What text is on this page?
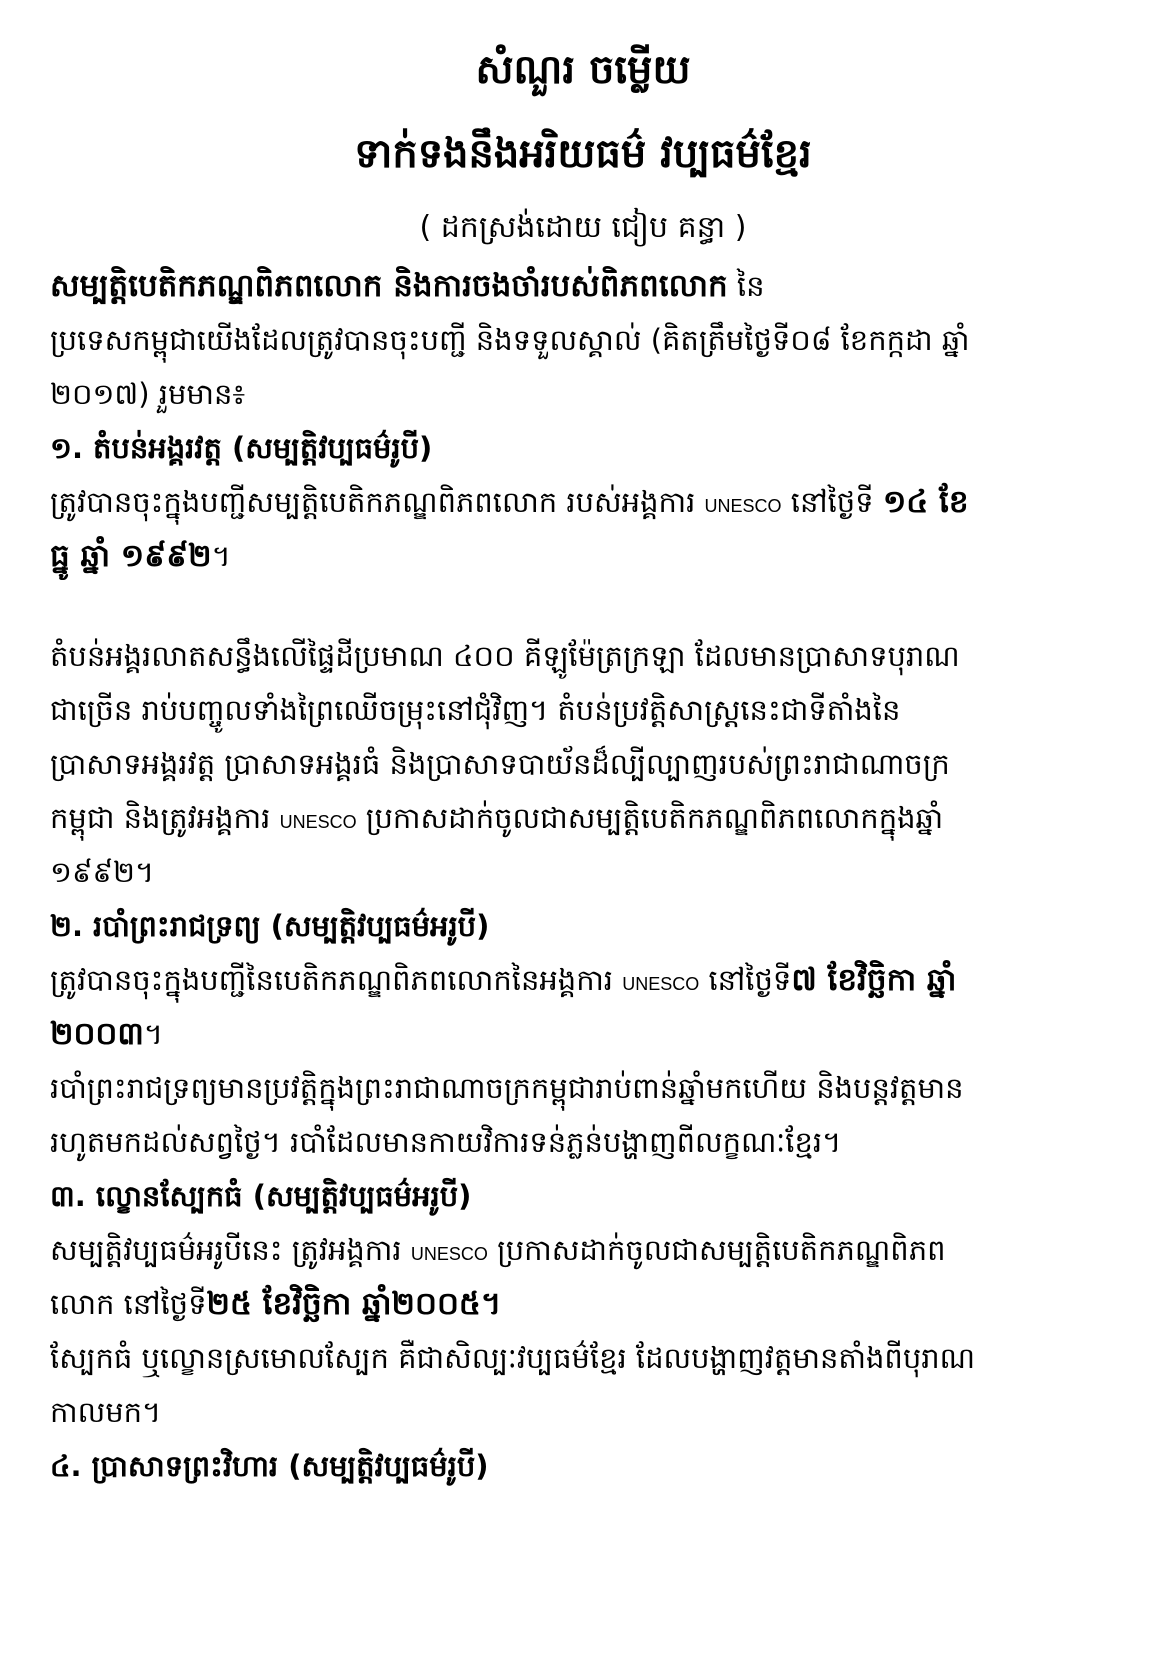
សំណួរ ចម្លើយ
ទាក់ទងនឹងអរិយធម៌ វប្បធម៌ខ្មែរ
( ដកស្រង់ដោយ ជៀប គន្ធា )
សម្បត្តិបេតិកភណ្ឌពិភពលោក និងការចងចាំរបស់ពិភពលោក នៃ
ប្រទេសកម្ពុជាយើងដែលត្រូវបានចុះបញ្ជី និងទទួលស្គាល់ (គិតត្រឹមថ្ងៃទី០៨ ខែកក្កដា ឆ្នាំ
២០១៧) រួមមាន៖
១. តំបន់អង្គរវត្ត (សម្បត្តិវប្បធម៌រូបី)
ត្រូវបានចុះក្នុងបញ្ជីសម្បត្តិបេតិកភណ្ឌពិភពលោក របស់អង្គការ UNESCO នៅថ្ងៃទី ១៤ ខែ
ធ្នូ ឆ្នាំ ១៩៩២។
តំបន់អង្គរលាតសន្ធឹងលើផ្ទៃដីប្រមាណ ៤០០ គីឡូម៉ែត្រក្រឡា ដែលមានប្រាសាទបុរាណ
ជាច្រើន រាប់បញ្ចូលទាំងព្រៃឈើចម្រុះនៅជុំវិញ។ តំបន់ប្រវត្តិសាស្ត្រនេះជាទីតាំងនៃ
ប្រាសាទអង្គរវត្ត ប្រាសាទអង្គរធំ និងប្រាសាទបាយ័នដ៏ល្បីល្បាញរបស់ព្រះរាជាណាចក្រ
កម្ពុជា និងត្រូវអង្គការ UNESCO ប្រកាសដាក់ចូលជាសម្បត្តិបេតិកភណ្ឌពិភពលោកក្នុងឆ្នាំ
១៩៩២។
២. របាំព្រះរាជទ្រព្យ (សម្បត្តិវប្បធម៌អរូបី)
ត្រូវបានចុះក្នុងបញ្ជីនៃបេតិកភណ្ឌពិភពលោកនៃអង្គការ UNESCO នៅថ្ងៃទី៧ ខែវិច្ឆិកា ឆ្នាំ
២០០៣។
របាំព្រះរាជទ្រព្យមានប្រវត្តិក្នុងព្រះរាជាណាចក្រកម្ពុជារាប់ពាន់ឆ្នាំមកហើយ និងបន្តវត្តមាន
រហូតមកដល់សព្វថ្ងៃ។ របាំដែលមានកាយវិការទន់ភ្លន់បង្ហាញពីលក្ខណៈខ្មែរ។
៣. ល្ខោនស្បែកធំ (សម្បត្តិវប្បធម៌អរូបី)
សម្បត្តិវប្បធម៌អរូបីនេះ ត្រូវអង្គការ UNESCO ប្រកាសដាក់ចូលជាសម្បត្តិបេតិកភណ្ឌពិភព
លោក នៅថ្ងៃទី២៥ ខែវិច្ឆិកា ឆ្នាំ២០០៥។
ស្បែកធំ ឬល្ខោនស្រមោលស្បែក គឺជាសិល្បៈវប្បធម៌ខ្មែរ ដែលបង្ហាញវត្តមានតាំងពីបុរាណ
កាលមក។
៤. ប្រាសាទព្រះវិហារ (សម្បត្តិវប្បធម៌រូបី)
